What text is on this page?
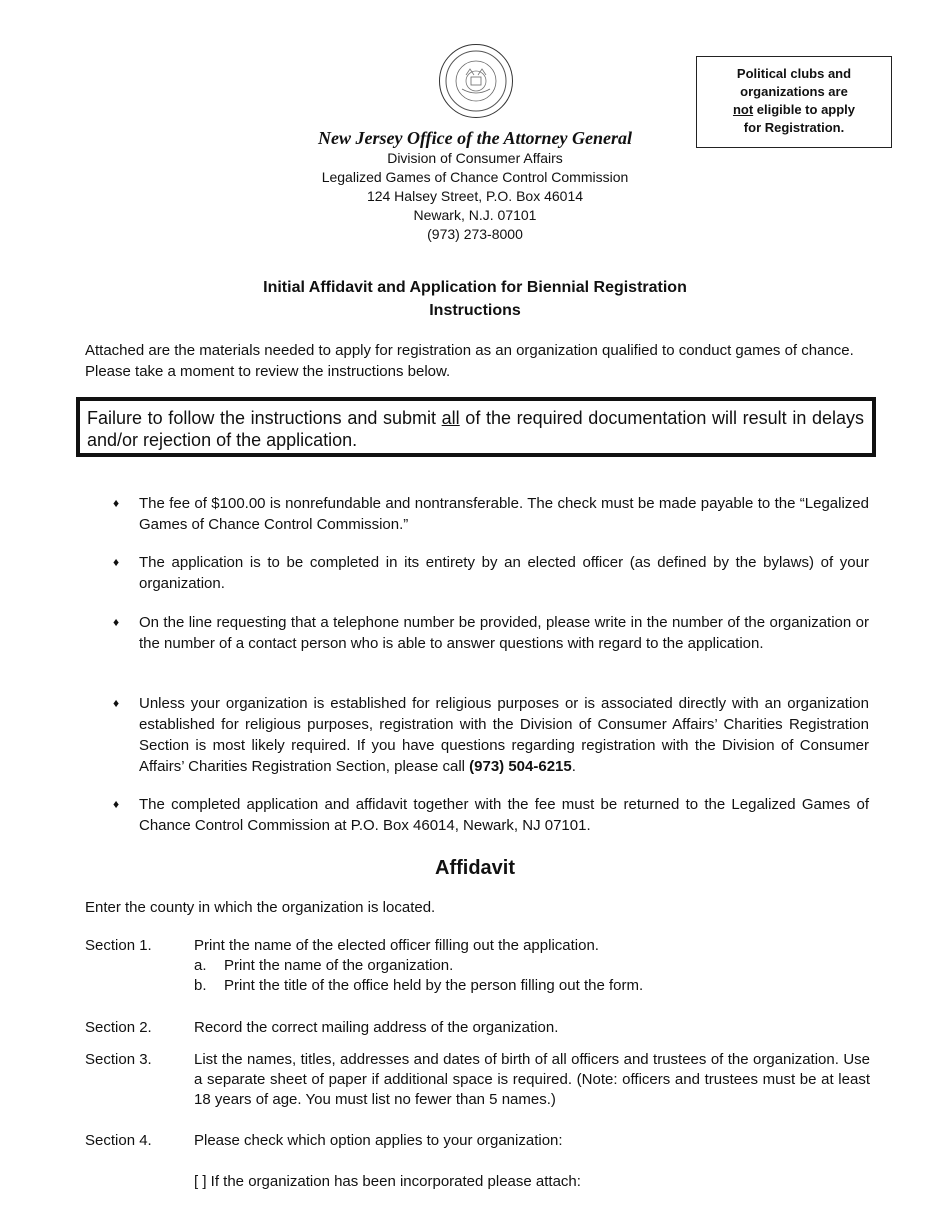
Political clubs and
organizations are
not eligible to apply
for Registration.
New Jersey Office of the Attorney General
Division of Consumer Affairs
Legalized Games of Chance Control Commission
124 Halsey Street, P.O. Box 46014
Newark, N.J. 07101
(973) 273-8000
Initial Affidavit and Application for Biennial Registration
Instructions
Attached are the materials needed to apply for registration as an organization qualified to conduct games of chance. Please take a moment to review the instructions below.
Failure to follow the instructions and submit all of the required documentation will result in delays and/or rejection of the application.
♦ The fee of $100.00 is nonrefundable and nontransferable. The check must be made payable to the “Legalized Games of Chance Control Commission.”
♦ The application is to be completed in its entirety by an elected officer (as defined by the bylaws) of your organization.
♦ On the line requesting that a telephone number be provided, please write in the number of the organization or the number of a contact person who is able to answer questions with regard to the application.
♦ Unless your organization is established for religious purposes or is associated directly with an organization established for religious purposes, registration with the Division of Consumer Affairs’ Charities Registration Section is most likely required. If you have questions regarding registration with the Division of Consumer Affairs’ Charities Registration Section, please call (973) 504-6215.
♦ The completed application and affidavit together with the fee must be returned to the Legalized Games of Chance Control Commission at P.O. Box 46014, Newark, NJ 07101.
Affidavit
Enter the county in which the organization is located.
Section 1.	Print the name of the elected officer filling out the application.
a. Print the name of the organization.
b. Print the title of the office held by the person filling out the form.
Section 2.	Record the correct mailing address of the organization.
Section 3.	List the names, titles, addresses and dates of birth of all officers and trustees of the organization. Use a separate sheet of paper if additional space is required. (Note: officers and trustees must be at least 18 years of age. You must list no fewer than 5 names.)
Section 4.	Please check which option applies to your organization:
[ ] If the organization has been incorporated please attach:
